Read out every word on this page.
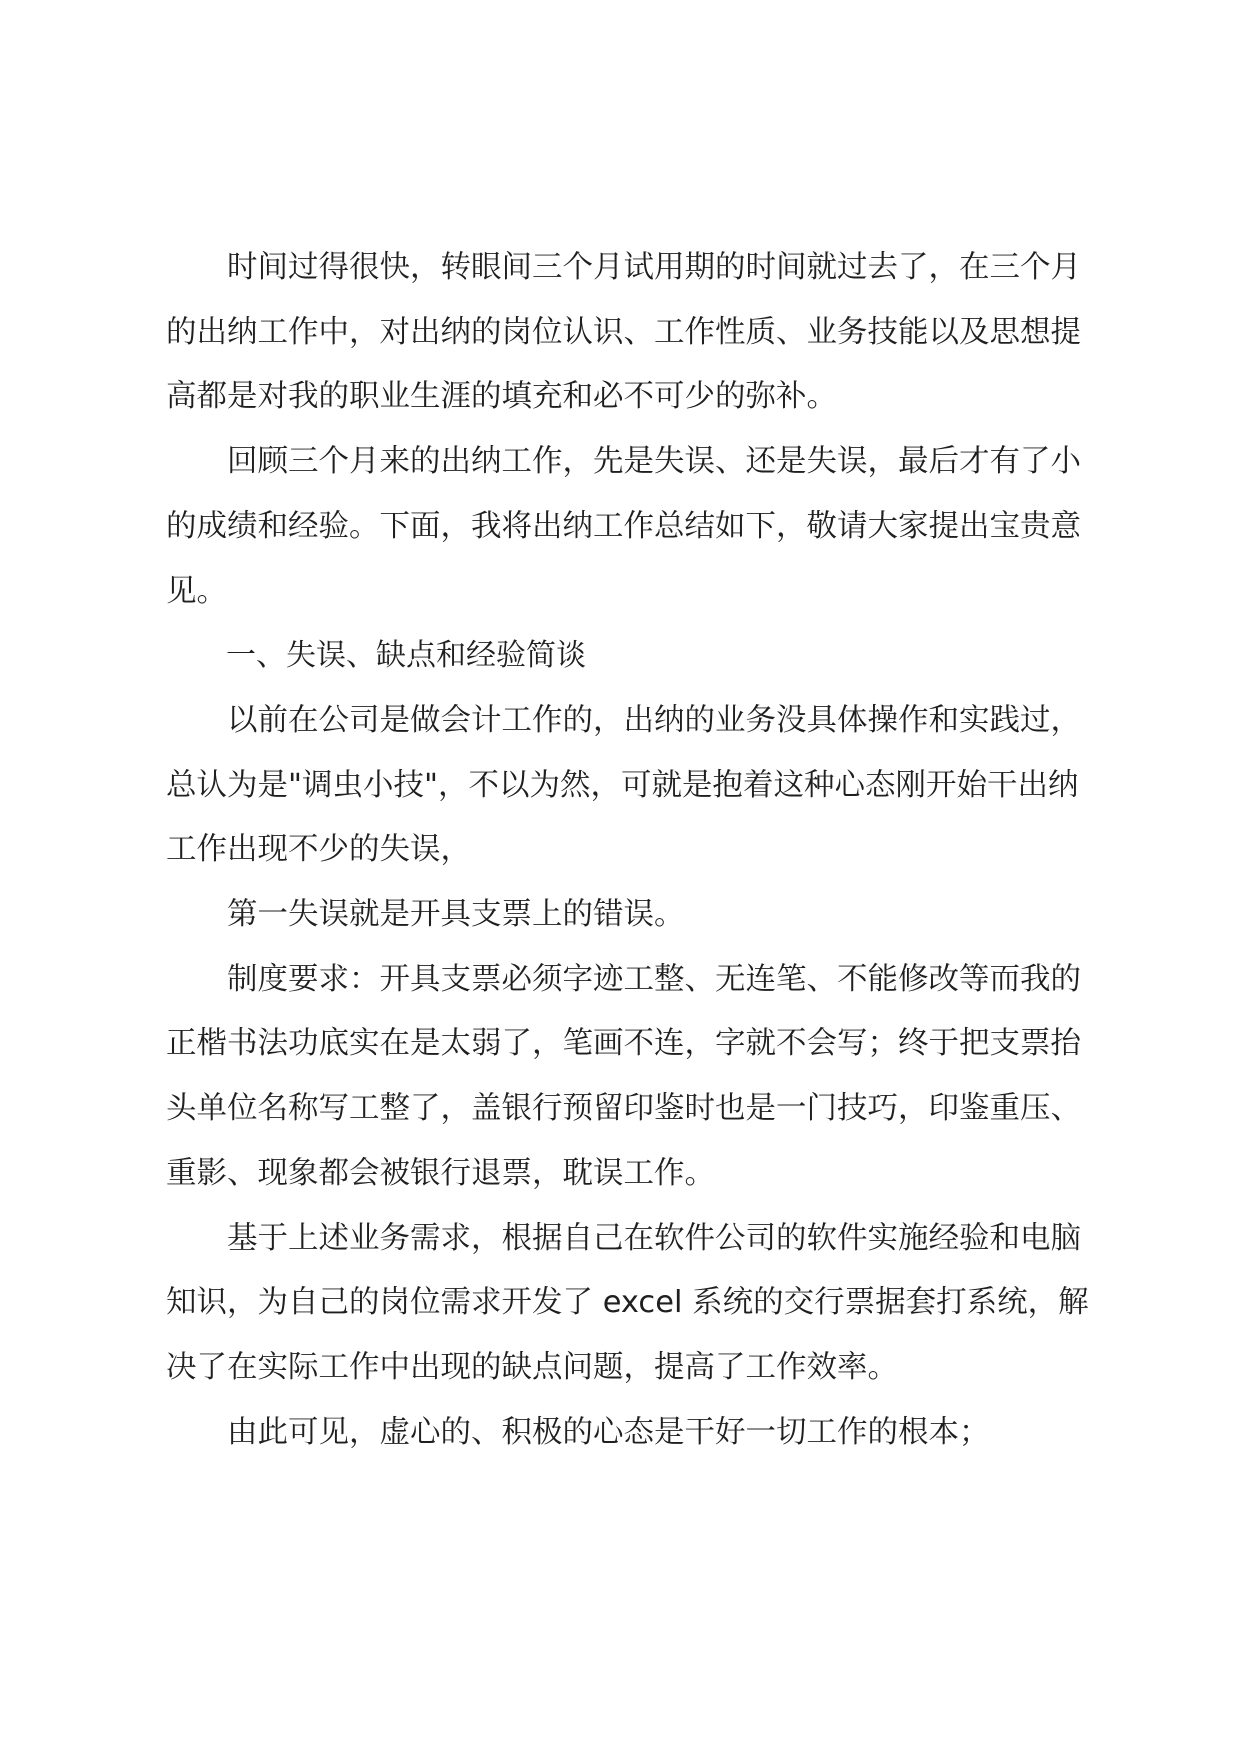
时间过得很快，转眼间三个月试用期的时间就过去了，在三个月的出纳工作中，对出纳的岗位认识、工作性质、业务技能以及思想提高都是对我的职业生涯的填充和必不可少的弥补。

回顾三个月来的出纳工作，先是失误、还是失误，最后才有了小的成绩和经验。下面，我将出纳工作总结如下，敬请大家提出宝贵意见。

一、失误、缺点和经验简谈

以前在公司是做会计工作的，出纳的业务没具体操作和实践过，总认为是"调虫小技"，不以为然，可就是抱着这种心态刚开始干出纳工作出现不少的失误，

第一失误就是开具支票上的错误。

制度要求：开具支票必须字迹工整、无连笔、不能修改等而我的正楷书法功底实在是太弱了，笔画不连，字就不会写；终于把支票抬头单位名称写工整了，盖银行预留印鉴时也是一门技巧，印鉴重压、重影、现象都会被银行退票，耽误工作。

基于上述业务需求，根据自己在软件公司的软件实施经验和电脑知识，为自己的岗位需求开发了 excel 系统的交行票据套打系统，解决了在实际工作中出现的缺点问题，提高了工作效率。

由此可见，虚心的、积极的心态是干好一切工作的根本；
